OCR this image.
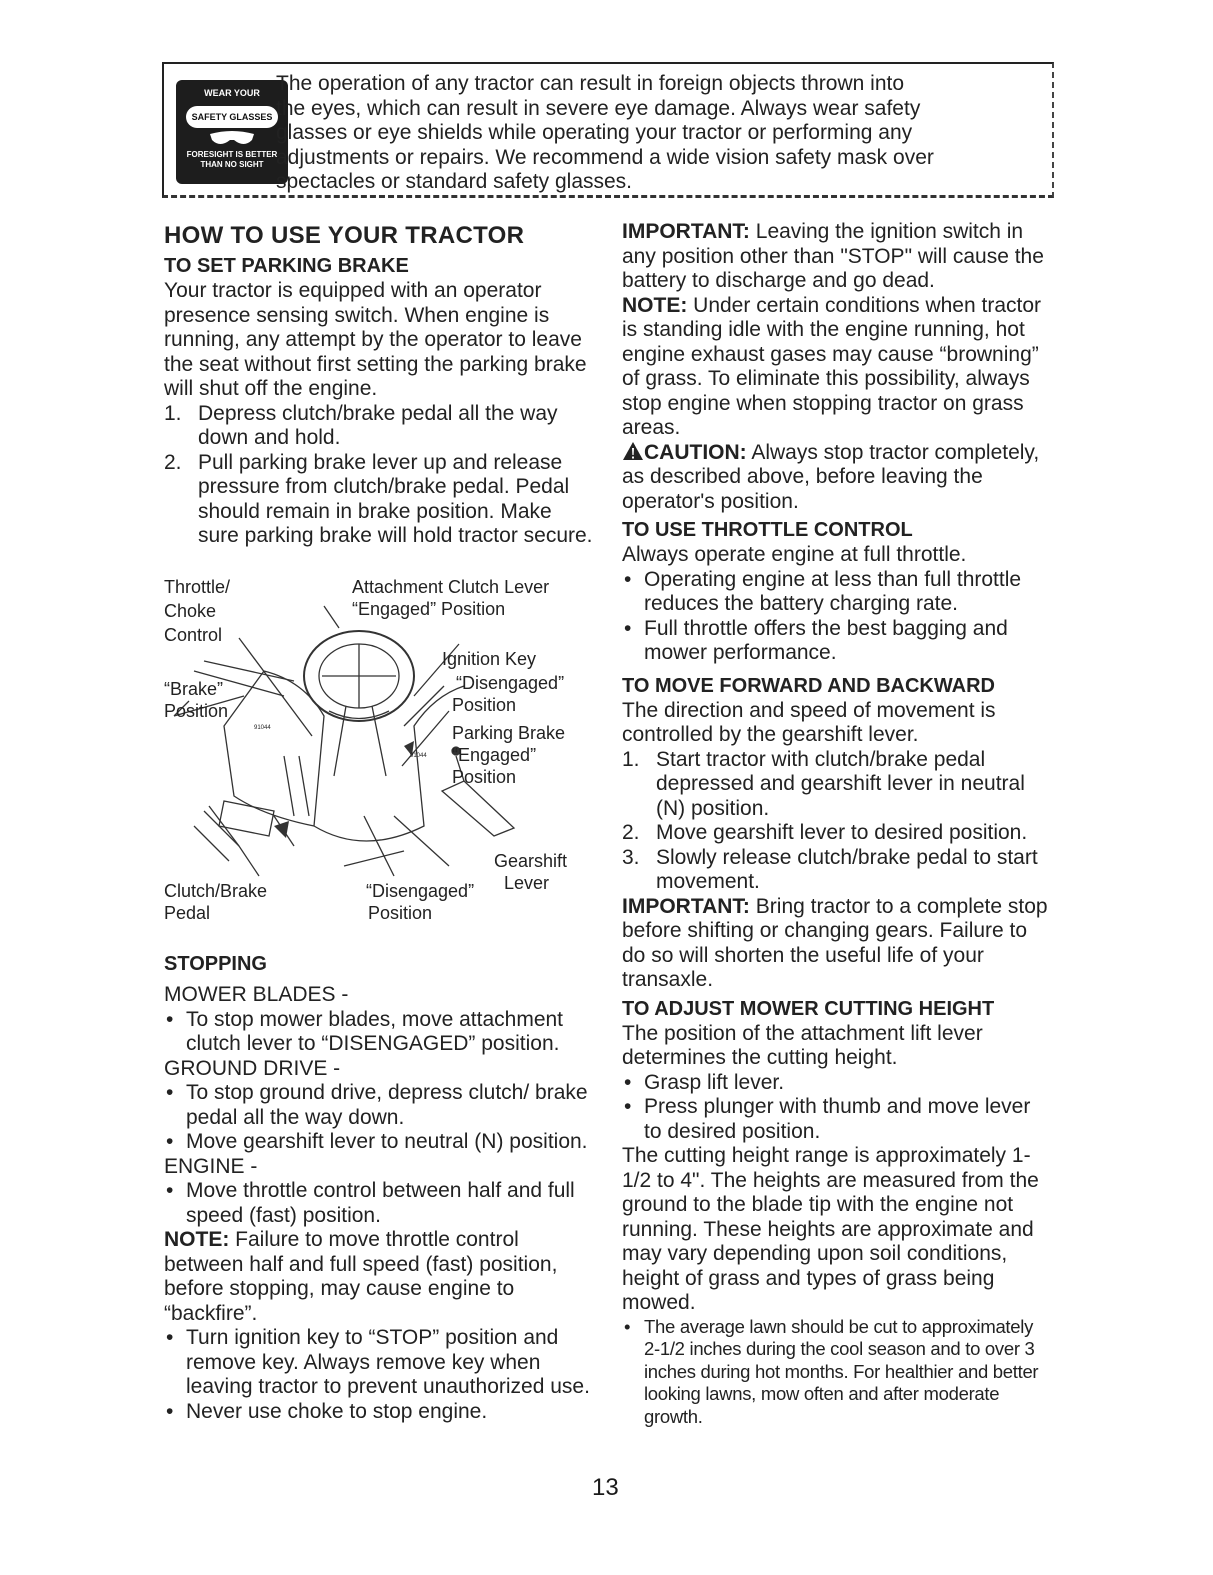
WEAR YOUR
SAFETY GLASSES
FORESIGHT IS BETTER THAN NO SIGHT
The operation of any tractor can result in foreign objects thrown into
the eyes, which can result in severe eye damage. Always wear safety
glasses or eye shields while operating your tractor or performing any
adjustments or repairs. We recommend a wide vision safety mask over
spectacles or standard safety glasses.
HOW TO USE YOUR TRACTOR
TO SET PARKING BRAKE

Your tractor is equipped with an operator presence sensing switch. When engine is running, any attempt by the operator to leave the seat without first setting the parking brake will shut off the engine.

1. Depress clutch/brake pedal all the way down and hold.
2. Pull parking brake lever up and release pressure from clutch/brake pedal. Pedal should remain in brake position. Make sure parking brake will hold tractor secure.
Throttle/
Choke
Control
“Brake”
Position
Attachment Clutch Lever
“Engaged” Position
Ignition Key
“Disengaged”
Position
Parking Brake
“Engaged”
Position
Gearshift
Lever
Clutch/Brake
Pedal
“Disengaged”
Position
91044
91044
STOPPING
MOWER BLADES -
• To stop mower blades, move attachment clutch lever to “DISENGAGED” position.
GROUND DRIVE -
• To stop ground drive, depress clutch/ brake pedal all the way down.
• Move gearshift lever to neutral (N) position.
ENGINE -
• Move throttle control between half and full speed (fast) position.

NOTE: Failure to move throttle control between half and full speed (fast) position, before stopping, may cause engine to “backfire”.

• Turn ignition key to “STOP” position and remove key. Always remove key when leaving tractor to prevent unauthorized use.
• Never use choke to stop engine.

IMPORTANT: Leaving the ignition switch in any position other than "STOP" will cause the battery to discharge and go dead.

NOTE: Under certain conditions when tractor is standing idle with the engine running, hot engine exhaust gases may cause “browning” of grass. To eliminate this possibility, always stop engine when stopping tractor on grass areas.

CAUTION: Always stop tractor completely, as described above, before leaving the operator's position.

TO USE THROTTLE CONTROL

Always operate engine at full throttle.

• Operating engine at less than full throttle reduces the battery charging rate.
• Full throttle offers the best bagging and mower performance.
TO MOVE FORWARD AND BACKWARD

The direction and speed of movement is controlled by the gearshift lever.

1. Start tractor with clutch/brake pedal depressed and gearshift lever in neutral (N) position.
2. Move gearshift lever to desired position.
3. Slowly release clutch/brake pedal to start movement.

IMPORTANT: Bring tractor to a complete stop before shifting or changing gears. Failure to do so will shorten the useful life of your transaxle.

TO ADJUST MOWER CUTTING HEIGHT

The position of the attachment lift lever determines the cutting height.

• Grasp lift lever.
• Press plunger with thumb and move lever to desired position.

The cutting height range is approximately 1-1/2 to 4". The heights are measured from the ground to the blade tip with the engine not running. These heights are approximate and may vary depending upon soil conditions, height of grass and types of grass being mowed.

• The average lawn should be cut to approximately 2-1/2 inches during the cool season and to over 3 inches during hot months. For healthier and better looking lawns, mow often and after moderate growth.
13
